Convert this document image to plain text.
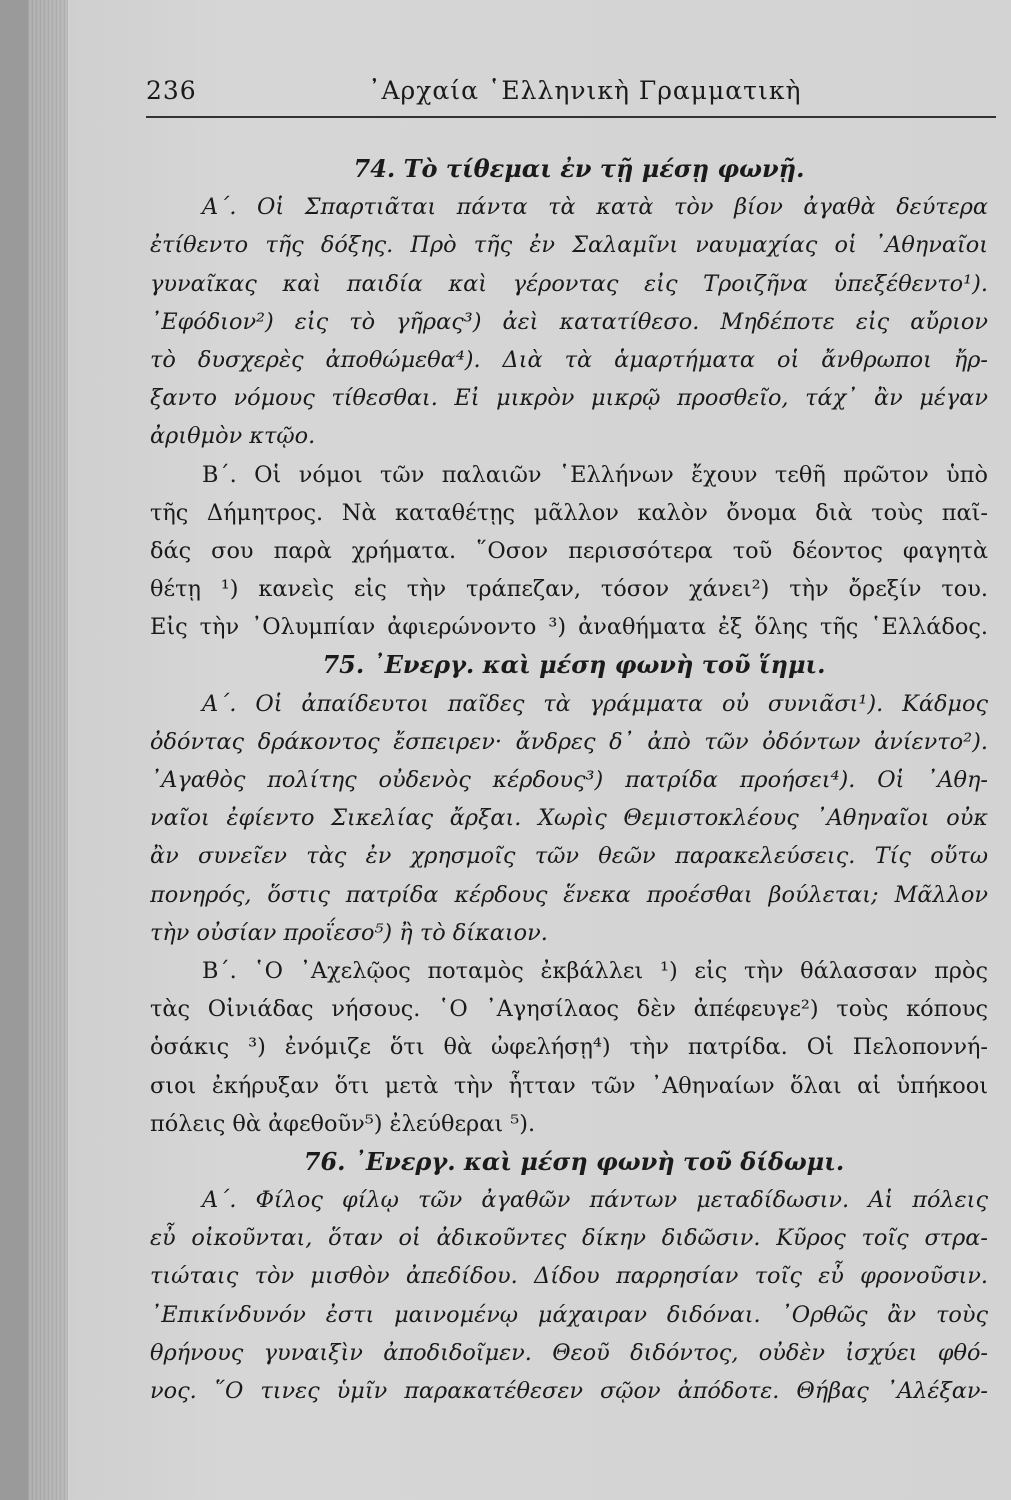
236	᾽Αρχαία ῾Ελληνικὴ Γραμματικὴ
74. Τὸ τίθεμαι ἐν τῇ μέσῃ φωνῇ.
Α΄. Οἱ Σπαρτιᾶται πάντα τὰ κατὰ τὸν βίον ἀγαθὰ δεύτερα
ἐτίθεντο τῆς δόξης. Πρὸ τῆς ἐν Σαλαμῖνι ναυμαχίας οἱ ᾽Αθηναῖοι
γυναῖκας καὶ παιδία καὶ γέροντας εἰς Τροιζῆνα ὑπεξέθεντο¹).
᾽Εφόδιον²) εἰς τὸ γῆρας³) ἀεὶ κατατίθεσο. Μηδέποτε εἰς αὔριον
τὸ δυσχερὲς ἀποθώμεθα⁴). Διὰ τὰ ἁμαρτήματα οἱ ἄνθρωποι ἤρ-
ξαντο νόμους τίθεσθαι. Εἰ μικρὸν μικρῷ προσθεῖο, τάχ᾽ ἂν μέγαν
ἀριθμὸν κτῷο.
Β΄. Οἱ νόμοι τῶν παλαιῶν ῾Ελλήνων ἔχουν τεθῆ πρῶτον ὑπὸ
τῆς Δήμητρος. Νὰ καταθέτῃς μᾶλλον καλὸν ὄνομα διὰ τοὺς παῖ-
δάς σου παρὰ χρήματα. ῞Οσον περισσότερα τοῦ δέοντος φαγητὰ
θέτῃ ¹) κανεὶς εἰς τὴν τράπεζαν, τόσον χάνει²) τὴν ὄρεξίν του.
Εἰς τὴν ᾽Ολυμπίαν ἀφιερώνοντο ³) ἀναθήματα ἐξ ὅλης τῆς ῾Ελλάδος.
75. ᾽Ενεργ. καὶ μέση φωνὴ τοῦ ἵημι.
Α΄. Οἱ ἀπαίδευτοι παῖδες τὰ γράμματα οὐ συνιᾶσι¹). Κάδμος
ὀδόντας δράκοντος ἔσπειρεν· ἄνδρες δ᾽ ἀπὸ τῶν ὀδόντων ἀνίεντο²).
᾽Αγαθὸς πολίτης οὐδενὸς κέρδους³) πατρίδα προήσει⁴). Οἱ ᾽Αθη-
ναῖοι ἐφίεντο Σικελίας ἄρξαι. Χωρὶς Θεμιστοκλέους ᾽Αθηναῖοι οὐκ
ἂν συνεῖεν τὰς ἐν χρησμοῖς τῶν θεῶν παρακελεύσεις. Τίς οὕτω
πονηρός, ὅστις πατρίδα κέρδους ἕνεκα προέσθαι βούλεται; Μᾶλλον
τὴν οὐσίαν προΐεσο⁵) ἢ τὸ δίκαιον.
Β΄. ῾Ο ᾽Αχελῷος ποταμὸς ἐκβάλλει ¹) εἰς τὴν θάλασσαν πρὸς
τὰς Οἰνιάδας νήσους. ῾Ο ᾽Αγησίλαος δὲν ἀπέφευγε²) τοὺς κόπους
ὁσάκις ³) ἐνόμιζε ὅτι θὰ ὠφελήσῃ⁴) τὴν πατρίδα. Οἱ Πελοποννή-
σιοι ἐκήρυξαν ὅτι μετὰ τὴν ἧτταν τῶν ᾽Αθηναίων ὅλαι αἱ ὑπήκοοι
πόλεις θὰ ἀφεθοῦν⁵) ἐλεύθεραι ⁵).
76. ᾽Ενεργ. καὶ μέση φωνὴ τοῦ δίδωμι.
Α΄. Φίλος φίλῳ τῶν ἀγαθῶν πάντων μεταδίδωσιν. Αἱ πόλεις
εὖ οἰκοῦνται, ὅταν οἱ ἀδικοῦντες δίκην διδῶσιν. Κῦρος τοῖς στρα-
τιώταις τὸν μισθὸν ἀπεδίδου. Δίδου παρρησίαν τοῖς εὖ φρονοῦσιν.
᾽Επικίνδυνόν ἐστι μαινομένῳ μάχαιραν διδόναι. ᾽Ορθῶς ἂν τοὺς
θρήνους γυναιξὶν ἀποδιδοῖμεν. Θεοῦ διδόντος, οὐδὲν ἰσχύει φθό-
νος. ῞Ο τινες ὑμῖν παρακατέθεσεν σῷον ἀπόδοτε. Θήβας ᾽Αλέξαν-
